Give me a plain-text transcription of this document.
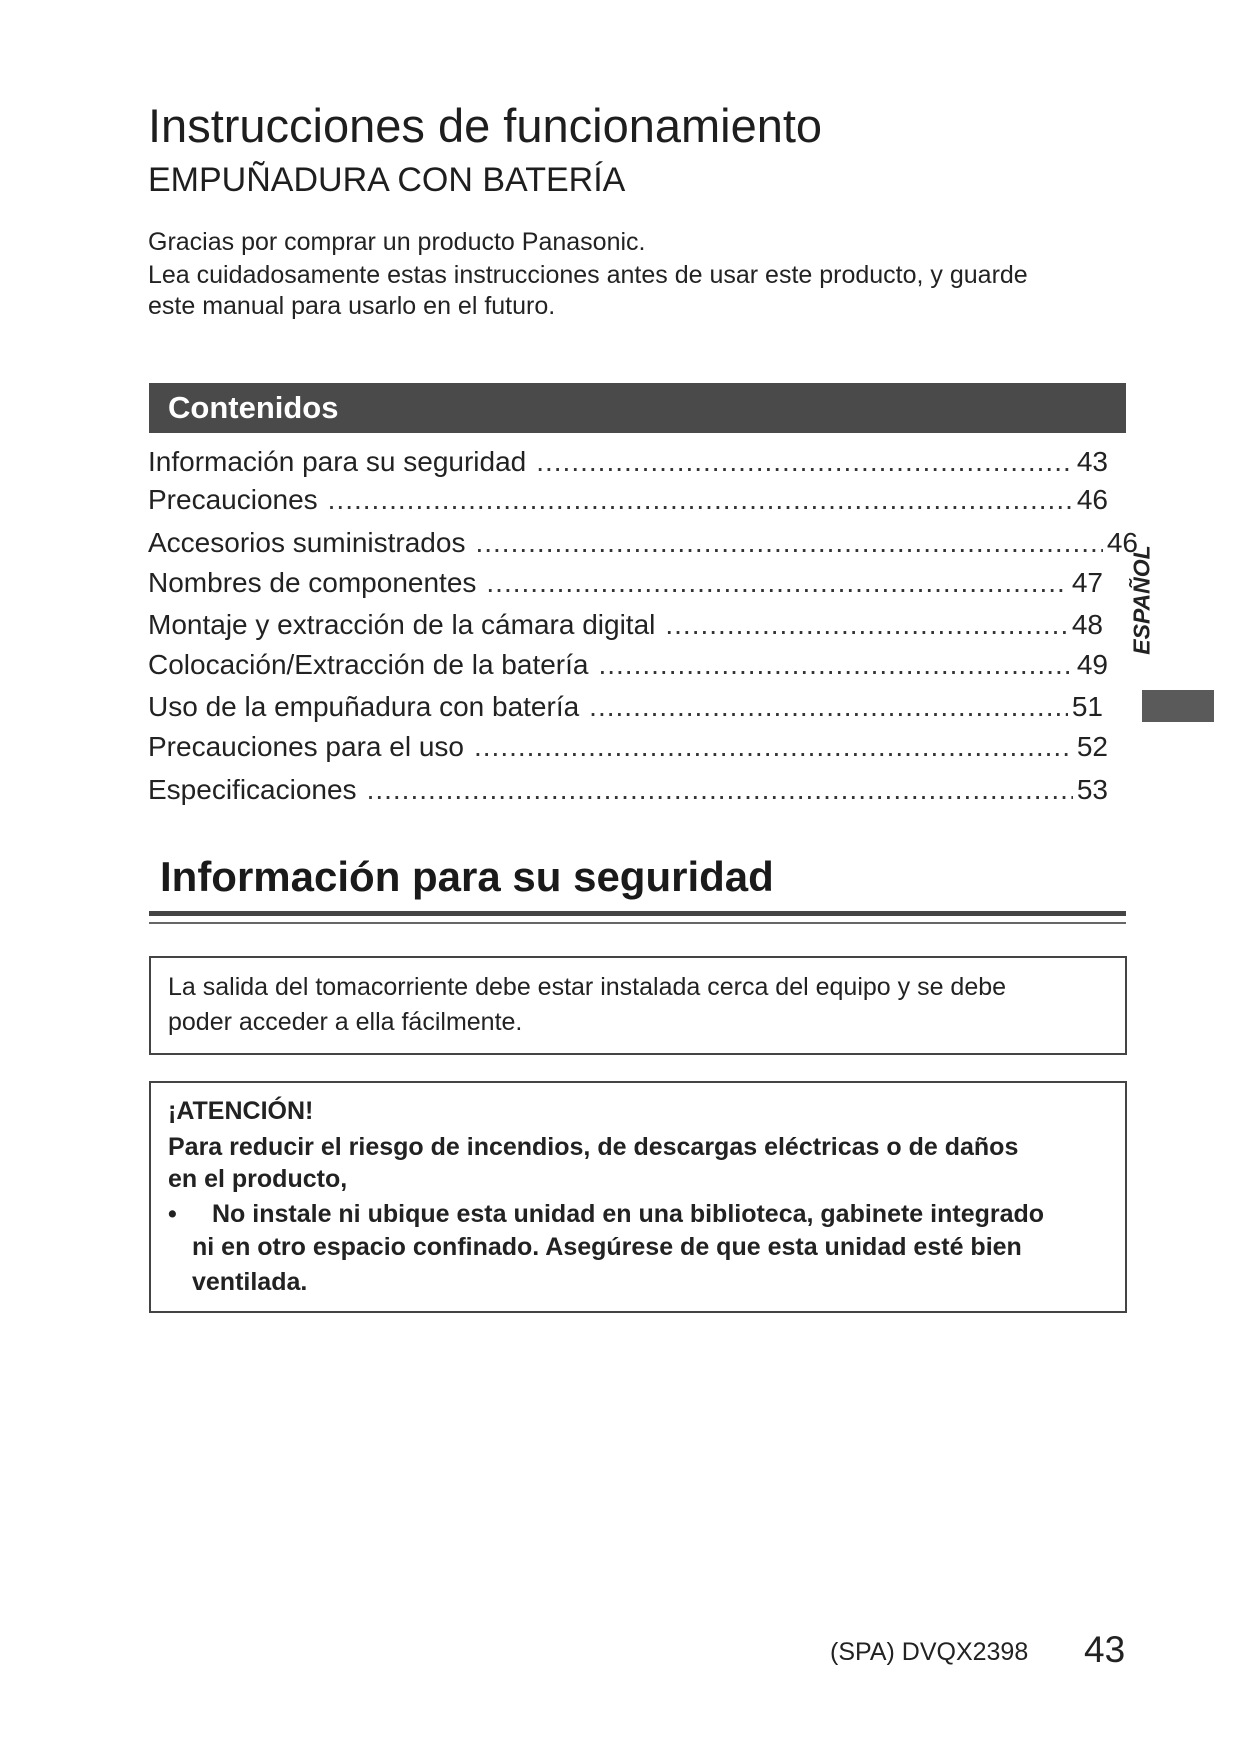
Instrucciones de funcionamiento
EMPUÑADURA CON BATERÍA
Gracias por comprar un producto Panasonic.
Lea cuidadosamente estas instrucciones antes de usar este producto, y guarde
este manual para usarlo en el futuro.
Contenidos
Información para su seguridad .....	43
Precauciones .....	46
Accesorios suministrados .....	46
Nombres de componentes .....	47
Montaje y extracción de la cámara digital .....	48
Colocación/Extracción de la batería .....	49
Uso de la empuñadura con batería .....	51
Precauciones para el uso .....	52
Especificaciones .....	53
ESPAÑOL
Información para su seguridad
La salida del tomacorriente debe estar instalada cerca del equipo y se debe
poder acceder a ella fácilmente.
¡ATENCIÓN!
Para reducir el riesgo de incendios, de descargas eléctricas o de daños
en el producto,
• No instale ni ubique esta unidad en una biblioteca, gabinete integrado
ni en otro espacio confinado. Asegúrese de que esta unidad esté bien
ventilada.
(SPA) DVQX2398 43
